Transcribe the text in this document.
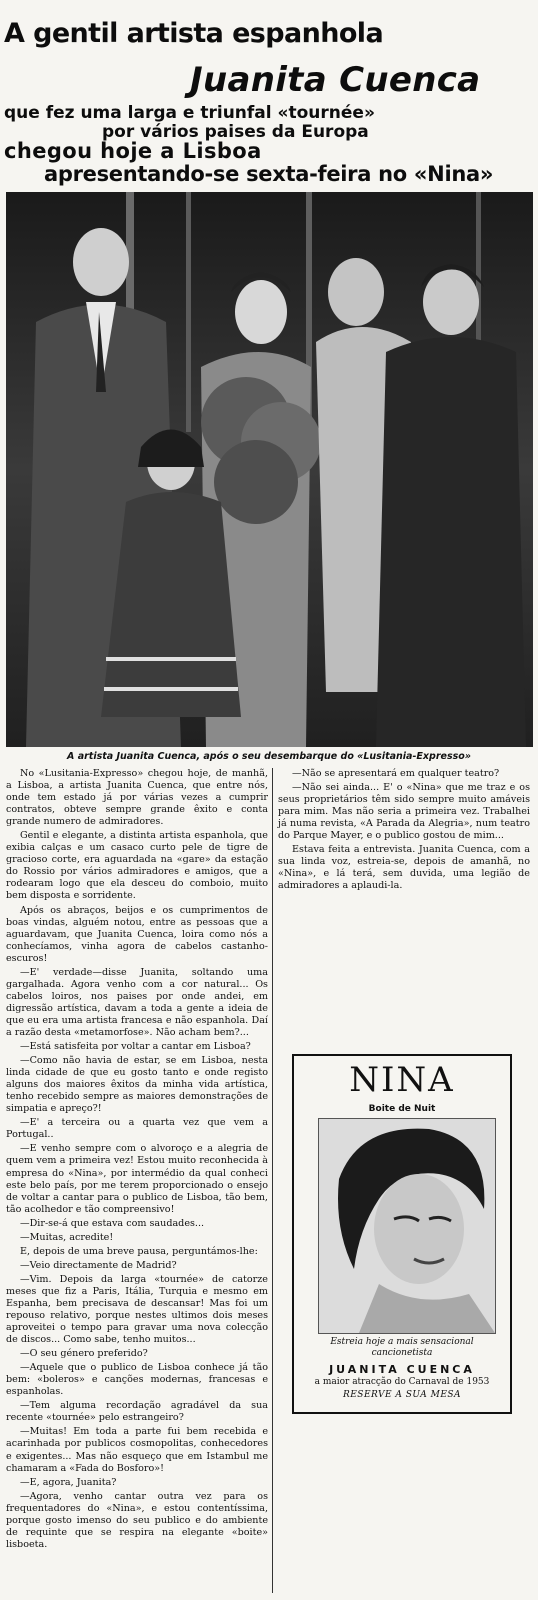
A gentil artista espanhola
Juanita Cuenca
que fez uma larga e triunfal «tournée»
por vários paises da Europa
chegou hoje a Lisboa
apresentando-se sexta-feira no «Nina»
A artista Juanita Cuenca, após o seu desembarque do «Lusitania-Expresso»

No «Lusitania-Expresso» chegou hoje, de manhã, a Lisboa, a artista Juanita Cuenca, que entre nós, onde tem estado já por várias vezes a cumprir contratos, obteve sempre grande êxito e conta grande numero de admiradores.

Gentil e elegante, a distinta artista espanhola, que exibia calças e um casaco curto pele de tigre de gracioso corte, era aguardada na «gare» da estação do Rossio por vários admiradores e amigos, que a rodearam logo que ela desceu do comboio, muito bem disposta e sorridente.

Após os abraços, beijos e os cumprimentos de boas vindas, alguém notou, entre as pessoas que a aguardavam, que Juanita Cuenca, loira como nós a conhecíamos, vinha agora de cabelos castanho-escuros!

—E' verdade—disse Juanita, soltando uma gargalhada. Agora venho com a cor natural... Os cabelos loiros, nos paises por onde andei, em digressão artística, davam a toda a gente a ideia de que eu era uma artista francesa e não espanhola. Daí a razão desta «metamorfose». Não acham bem?...

—Está satisfeita por voltar a cantar em Lisboa?

—Como não havia de estar, se em Lisboa, nesta linda cidade de que eu gosto tanto e onde registo alguns dos maiores êxitos da minha vida artística, tenho recebido sempre as maiores demonstrações de simpatia e apreço?!

—E' a terceira ou a quarta vez que vem a Portugal..

—E venho sempre com o alvoroço e a alegria de quem vem a primeira vez! Estou muito reconhecida à empresa do «Nina», por intermédio da qual conheci este belo país, por me terem proporcionado o ensejo de voltar a cantar para o publico de Lisboa, tão bem, tão acolhedor e tão compreensivo!

—Dir-se-á que estava com saudades...

—Muitas, acredite!

E, depois de uma breve pausa, perguntámos-lhe:

—Veio directamente de Madrid?

—Vim. Depois da larga «tournée» de catorze meses que fiz a Paris, Itália, Turquia e mesmo em Espanha, bem precisava de descansar! Mas foi um repouso relativo, porque nestes ultimos dois meses aproveitei o tempo para gravar uma nova colecção de discos... Como sabe, tenho muitos...

—O seu género preferido?

—Aquele que o publico de Lisboa conhece já tão bem: «boleros» e canções modernas, francesas e espanholas.

—Tem alguma recordação agradável da sua recente «tournée» pelo estrangeiro?

—Muitas! Em toda a parte fui bem recebida e acarinhada por publicos cosmopolitas, conhecedores e exigentes... Mas não esqueço que em Istambul me chamaram a «Fada do Bosforo»!

—E, agora, Juanita?

—Agora, venho cantar outra vez para os frequentadores do «Nina», e estou contentíssima, porque gosto imenso do seu publico e do ambiente de requinte que se respira na elegante «boite» lisboeta.

—Não se apresentará em qualquer teatro?

—Não sei ainda... E' o «Nina» que me traz e os seus proprietários têm sido sempre muito amáveis para mim. Mas não seria a primeira vez. Trabalhei já numa revista, «A Parada da Alegria», num teatro do Parque Mayer, e o publico gostou de mim...

Estava feita a entrevista. Juanita Cuenca, com a sua linda voz, estreia-se, depois de amanhã, no «Nina», e lá terá, sem duvida, uma legião de admiradores a aplaudi-la.

NINA
Boite de Nuit
Estreia hoje a mais sensacional
cancionetista
JUANITA CUENCA
a maior atracção do Carnaval de 1953
RESERVE A SUA MESA
